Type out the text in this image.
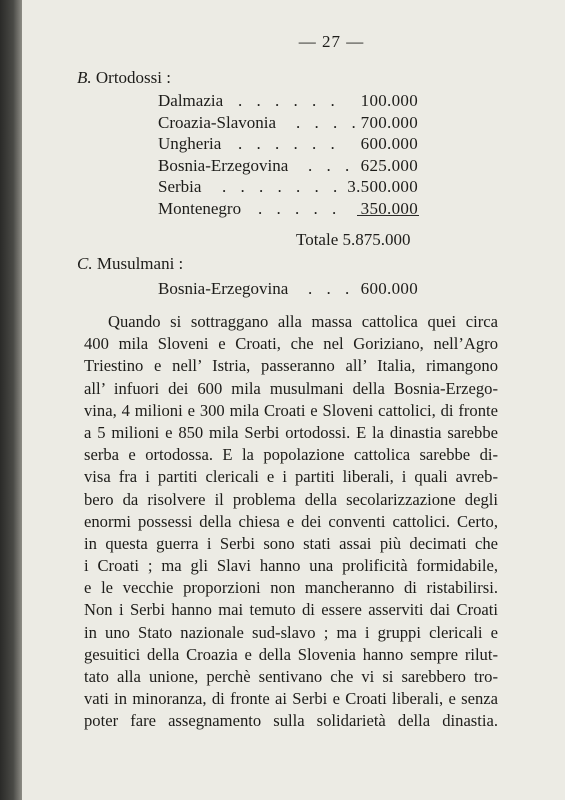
— 27 —
B. Ortodossi :
Dalmazia . . . . . . 100.000
Croazia-Slavonia . . . . 700.000
Ungheria . . . . . . 600.000
Bosnia-Erzegovina . . . 625.000
Serbia . . . . . . . 3.500.000
Montenegro . . . . . 350.000
Totale 5.875.000
C. Musulmani :
Bosnia-Erzegovina . . . 600.000
Quando si sottraggano alla massa cattolica quei circa
400 mila Sloveni e Croati, che nel Goriziano, nell’Agro
Triestino e nell’ Istria, passeranno all’ Italia, rimangono
all’ infuori dei 600 mila musulmani della Bosnia-Erzego-
vina, 4 milioni e 300 mila Croati e Sloveni cattolici, di fronte
a 5 milioni e 850 mila Serbi ortodossi. E la dinastia sarebbe
serba e ortodossa. E la popolazione cattolica sarebbe di-
visa fra i partiti clericali e i partiti liberali, i quali avreb-
bero da risolvere il problema della secolarizzazione degli
enormi possessi della chiesa e dei conventi cattolici. Certo,
in questa guerra i Serbi sono stati assai più decimati che
i Croati ; ma gli Slavi hanno una prolificità formidabile,
e le vecchie proporzioni non mancheranno di ristabilirsi.
Non i Serbi hanno mai temuto di essere asserviti dai Croati
in uno Stato nazionale sud-slavo ; ma i gruppi clericali e
gesuitici della Croazia e della Slovenia hanno sempre rilut-
tato alla unione, perchè sentivano che vi si sarebbero tro-
vati in minoranza, di fronte ai Serbi e Croati liberali, e senza
poter fare assegnamento sulla solidarietà della dinastia.
